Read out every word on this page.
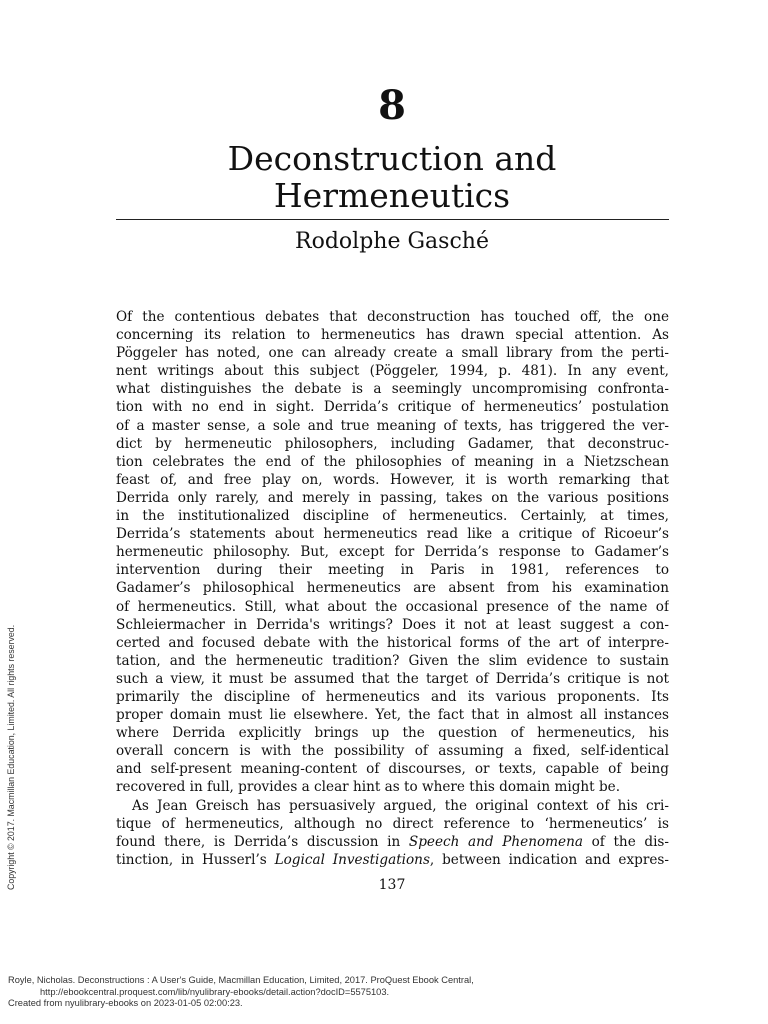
8
Deconstruction and
Hermeneutics
Rodolphe Gasché
Of the contentious debates that deconstruction has touched off, the one
concerning its relation to hermeneutics has drawn special attention. As
Pöggeler has noted, one can already create a small library from the perti-
nent writings about this subject (Pöggeler, 1994, p. 481). In any event,
what distinguishes the debate is a seemingly uncompromising confronta-
tion with no end in sight. Derrida’s critique of hermeneutics’ postulation
of a master sense, a sole and true meaning of texts, has triggered the ver-
dict by hermeneutic philosophers, including Gadamer, that deconstruc-
tion celebrates the end of the philosophies of meaning in a Nietzschean
feast of, and free play on, words. However, it is worth remarking that
Derrida only rarely, and merely in passing, takes on the various positions
in the institutionalized discipline of hermeneutics. Certainly, at times,
Derrida’s statements about hermeneutics read like a critique of Ricoeur’s
hermeneutic philosophy. But, except for Derrida’s response to Gadamer’s
intervention during their meeting in Paris in 1981, references to
Gadamer’s philosophical hermeneutics are absent from his examination
of hermeneutics. Still, what about the occasional presence of the name of
Schleiermacher in Derrida's writings? Does it not at least suggest a con-
certed and focused debate with the historical forms of the art of interpre-
tation, and the hermeneutic tradition? Given the slim evidence to sustain
such a view, it must be assumed that the target of Derrida’s critique is not
primarily the discipline of hermeneutics and its various proponents. Its
proper domain must lie elsewhere. Yet, the fact that in almost all instances
where Derrida explicitly brings up the question of hermeneutics, his
overall concern is with the possibility of assuming a fixed, self-identical
and self-present meaning-content of discourses, or texts, capable of being
recovered in full, provides a clear hint as to where this domain might be.
As Jean Greisch has persuasively argued, the original context of his cri-
tique of hermeneutics, although no direct reference to ‘hermeneutics’ is
found there, is Derrida’s discussion in Speech and Phenomena of the dis-
tinction, in Husserl’s Logical Investigations, between indication and expres-
137
Copyright © 2017. Macmillan Education, Limited. All rights reserved.
Royle, Nicholas. Deconstructions : A User's Guide, Macmillan Education, Limited, 2017. ProQuest Ebook Central,
http://ebookcentral.proquest.com/lib/nyulibrary-ebooks/detail.action?docID=5575103.
Created from nyulibrary-ebooks on 2023-01-05 02:00:23.
